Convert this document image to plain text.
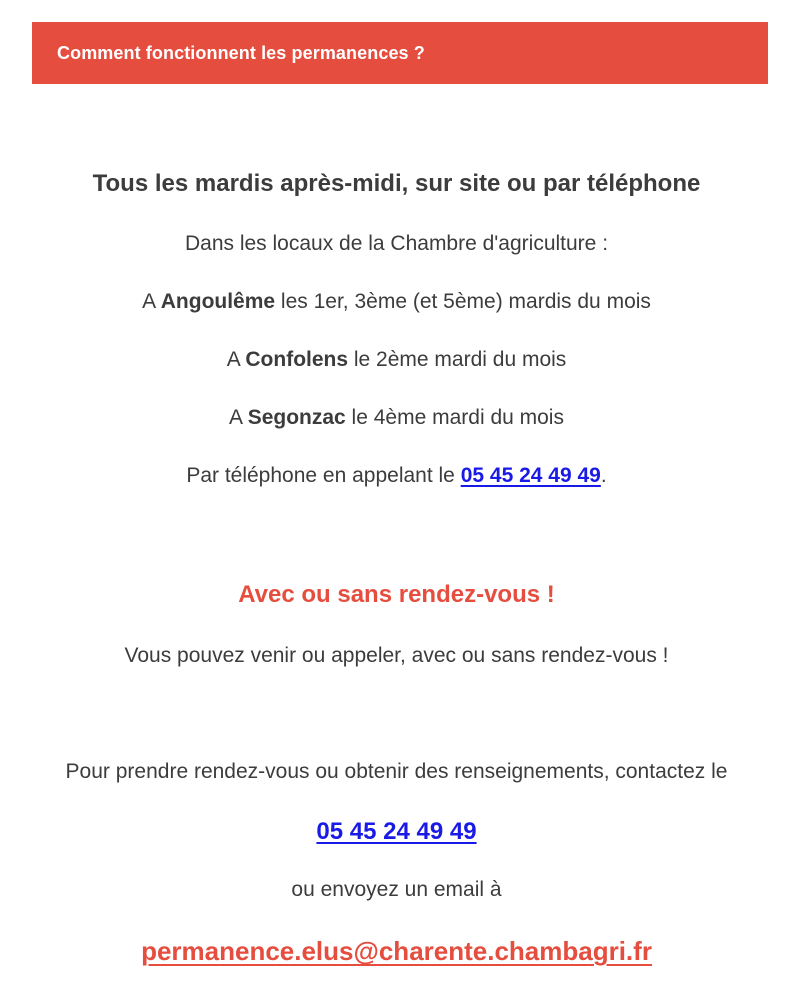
Comment fonctionnent les permanences ?
Tous les mardis après-midi, sur site ou par téléphone
Dans les locaux de la Chambre d'agriculture :
A Angoulême les 1er, 3ème (et 5ème) mardis du mois
A Confolens le 2ème mardi du mois
A Segonzac le 4ème mardi du mois
Par téléphone en appelant le 05 45 24 49 49.
Avec ou sans rendez-vous !
Vous pouvez venir ou appeler, avec ou sans rendez-vous !
Pour prendre rendez-vous ou obtenir des renseignements, contactez le
05 45 24 49 49
ou envoyez un email à
permanence.elus@charente.chambagri.fr
